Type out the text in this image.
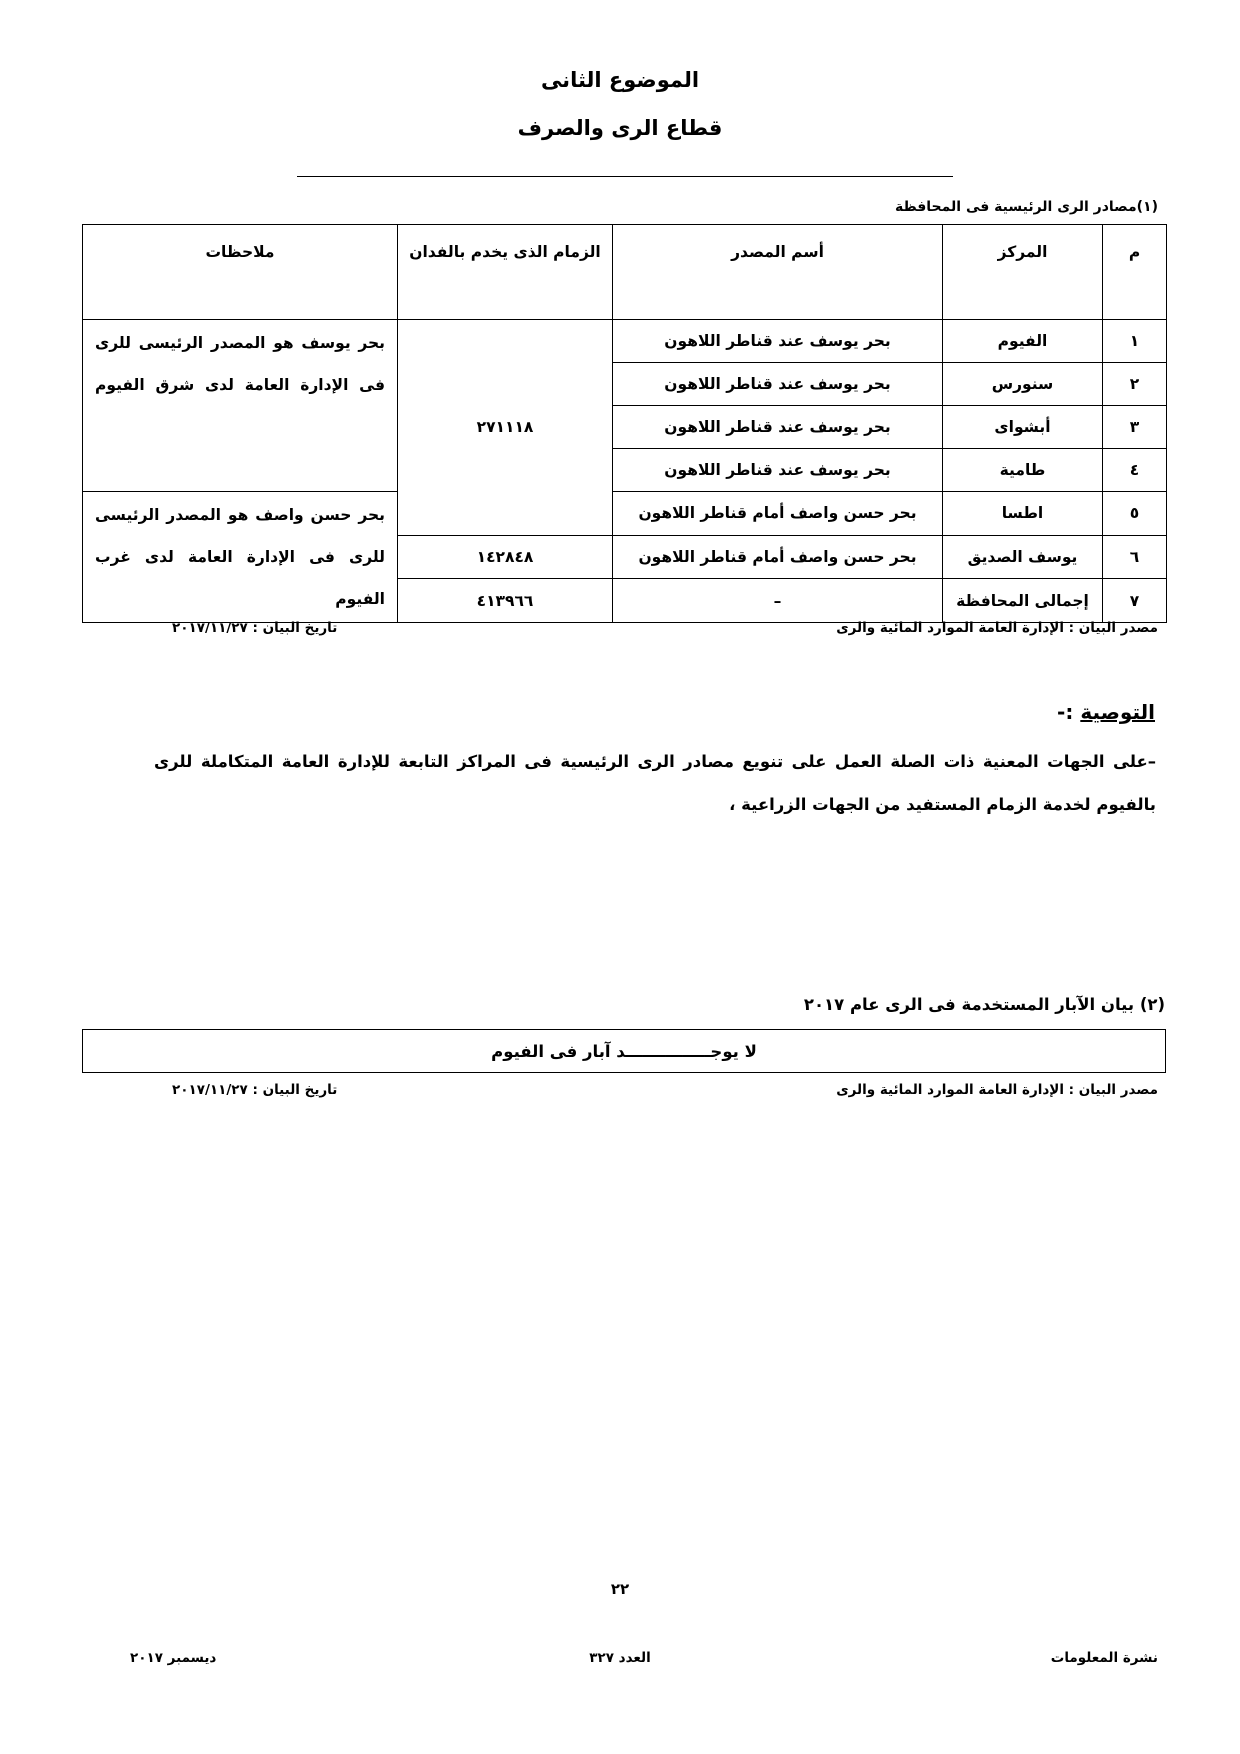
الموضوع الثانى
قطاع الرى والصرف
(١)مصادر الرى الرئيسية فى المحافظة
م	المركز	أسم المصدر	الزمام الذى يخدم بالفدان	ملاحظات
١	الفيوم	بحر يوسف عند قناطر اللاهون	٢٧١١١٨	بحر يوسف هو المصدر الرئيسى للرى فى الإدارة العامة لدى شرق الفيوم
٢	سنورس	بحر يوسف عند قناطر اللاهون		
٣	أبشواى	بحر يوسف عند قناطر اللاهون		
٤	طامية	بحر يوسف عند قناطر اللاهون		
٥	اطسا	بحر حسن واصف أمام قناطر اللاهون		بحر حسن واصف هو المصدر الرئيسى للرى فى الإدارة العامة لدى غرب الفيوم
٦	يوسف الصديق	بحر حسن واصف أمام قناطر اللاهون	١٤٢٨٤٨	
٧	إجمالى المحافظة	–	٤١٣٩٦٦	
مصدر البيان : الإدارة العامة الموارد المائية والرى
تاريخ البيان : ٢٠١٧/١١/٢٧
التوصية :-
–على الجهات المعنية ذات الصلة العمل على تنويع مصادر الرى الرئيسية فى المراكز التابعة للإدارة العامة المتكاملة للرى بالفيوم لخدمة الزمام المستفيد من الجهات الزراعية ،
(٢) بيان الآبار المستخدمة فى الرى عام ٢٠١٧
لا يوجـــــــــــــــد آبار فى الفيوم
مصدر البيان : الإدارة العامة الموارد المائية والرى
تاريخ البيان : ٢٠١٧/١١/٢٧
٢٢
نشرة المعلومات
العدد ٣٢٧
ديسمبر ٢٠١٧
